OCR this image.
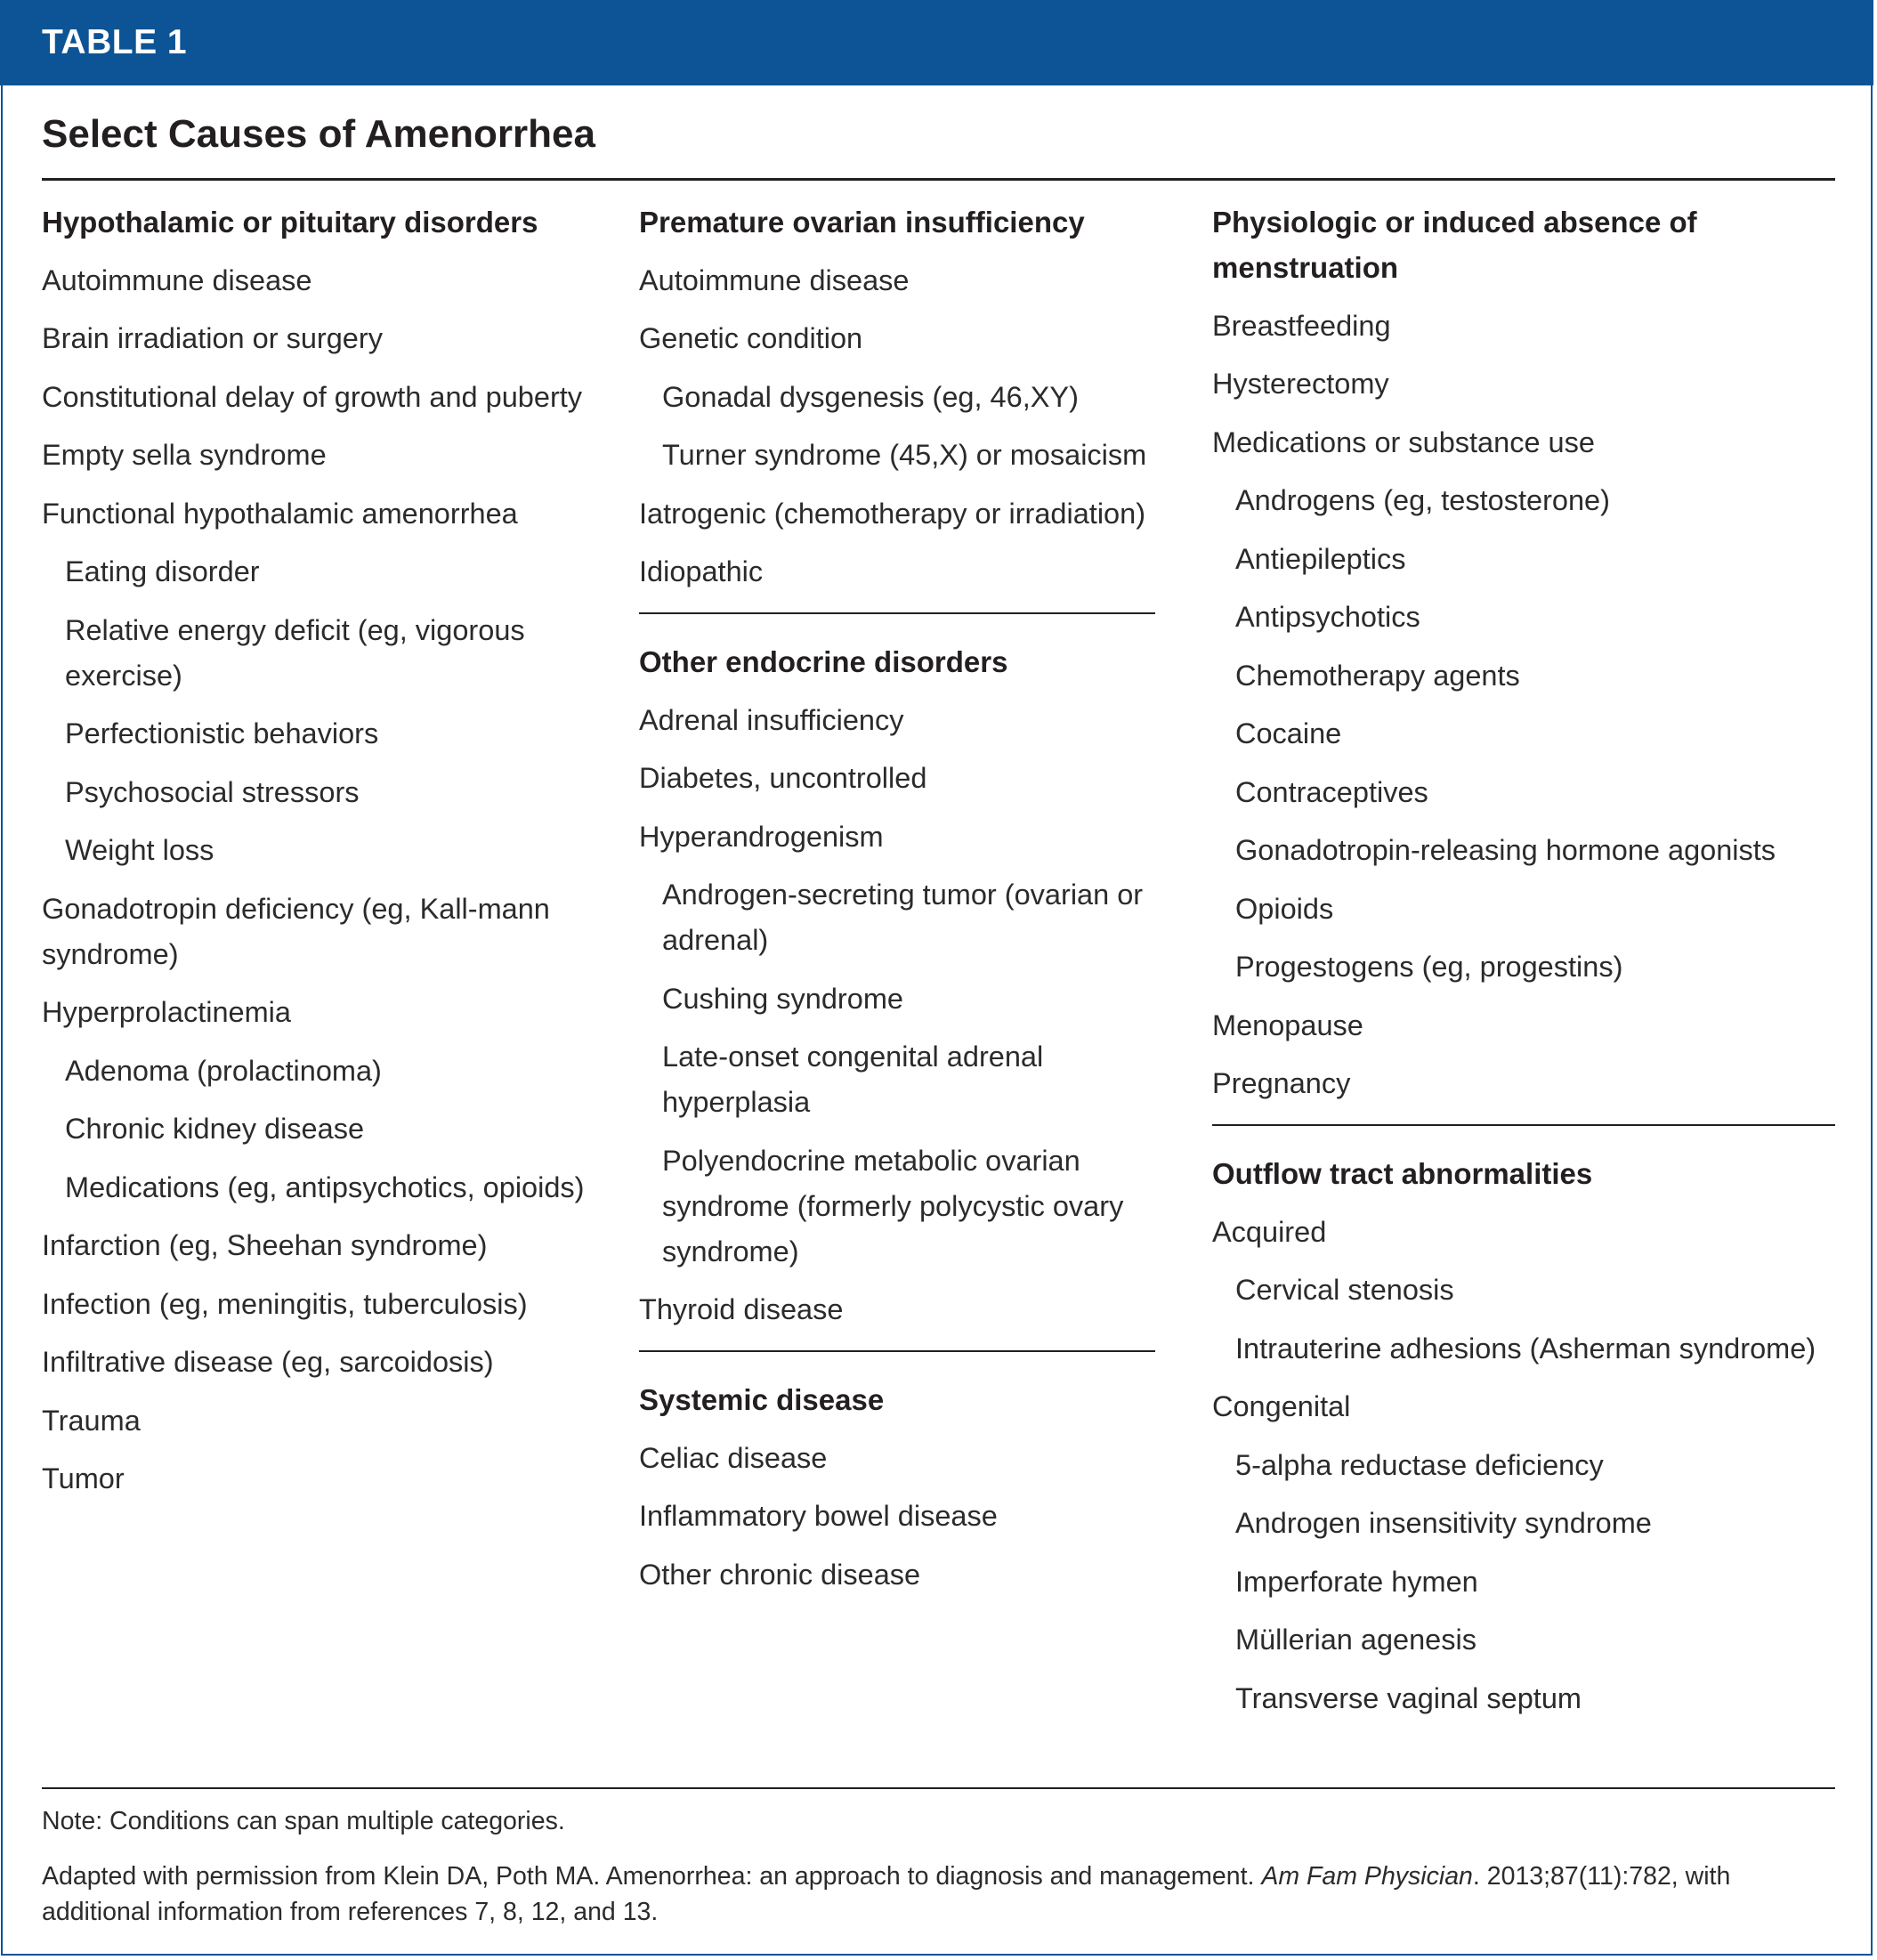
TABLE 1
Select Causes of Amenorrhea
Hypothalamic or pituitary disorders
Autoimmune disease
Brain irradiation or surgery
Constitutional delay of growth and puberty
Empty sella syndrome
Functional hypothalamic amenorrhea
Eating disorder
Relative energy deficit (eg, vigorous exercise)
Perfectionistic behaviors
Psychosocial stressors
Weight loss
Gonadotropin deficiency (eg, Kall-mann syndrome)
Hyperprolactinemia
Adenoma (prolactinoma)
Chronic kidney disease
Medications (eg, antipsychotics, opioids)
Infarction (eg, Sheehan syndrome)
Infection (eg, meningitis, tuberculosis)
Infiltrative disease (eg, sarcoidosis)
Trauma
Tumor
Premature ovarian insufficiency
Autoimmune disease
Genetic condition
Gonadal dysgenesis (eg, 46,XY)
Turner syndrome (45,X) or mosaicism
Iatrogenic (chemotherapy or irradiation)
Idiopathic
Other endocrine disorders
Adrenal insufficiency
Diabetes, uncontrolled
Hyperandrogenism
Androgen-secreting tumor (ovarian or adrenal)
Cushing syndrome
Late-onset congenital adrenal hyperplasia
Polyendocrine metabolic ovarian syndrome (formerly polycystic ovary syndrome)
Thyroid disease
Systemic disease
Celiac disease
Inflammatory bowel disease
Other chronic disease
Physiologic or induced absence of menstruation
Breastfeeding
Hysterectomy
Medications or substance use
Androgens (eg, testosterone)
Antiepileptics
Antipsychotics
Chemotherapy agents
Cocaine
Contraceptives
Gonadotropin-releasing hormone agonists
Opioids
Progestogens (eg, progestins)
Menopause
Pregnancy
Outflow tract abnormalities
Acquired
Cervical stenosis
Intrauterine adhesions (Asherman syndrome)
Congenital
5-alpha reductase deficiency
Androgen insensitivity syndrome
Imperforate hymen
Müllerian agenesis
Transverse vaginal septum
Note: Conditions can span multiple categories.
Adapted with permission from Klein DA, Poth MA. Amenorrhea: an approach to diagnosis and management. Am Fam Physician. 2013;87(11):782, with additional information from references 7, 8, 12, and 13.
